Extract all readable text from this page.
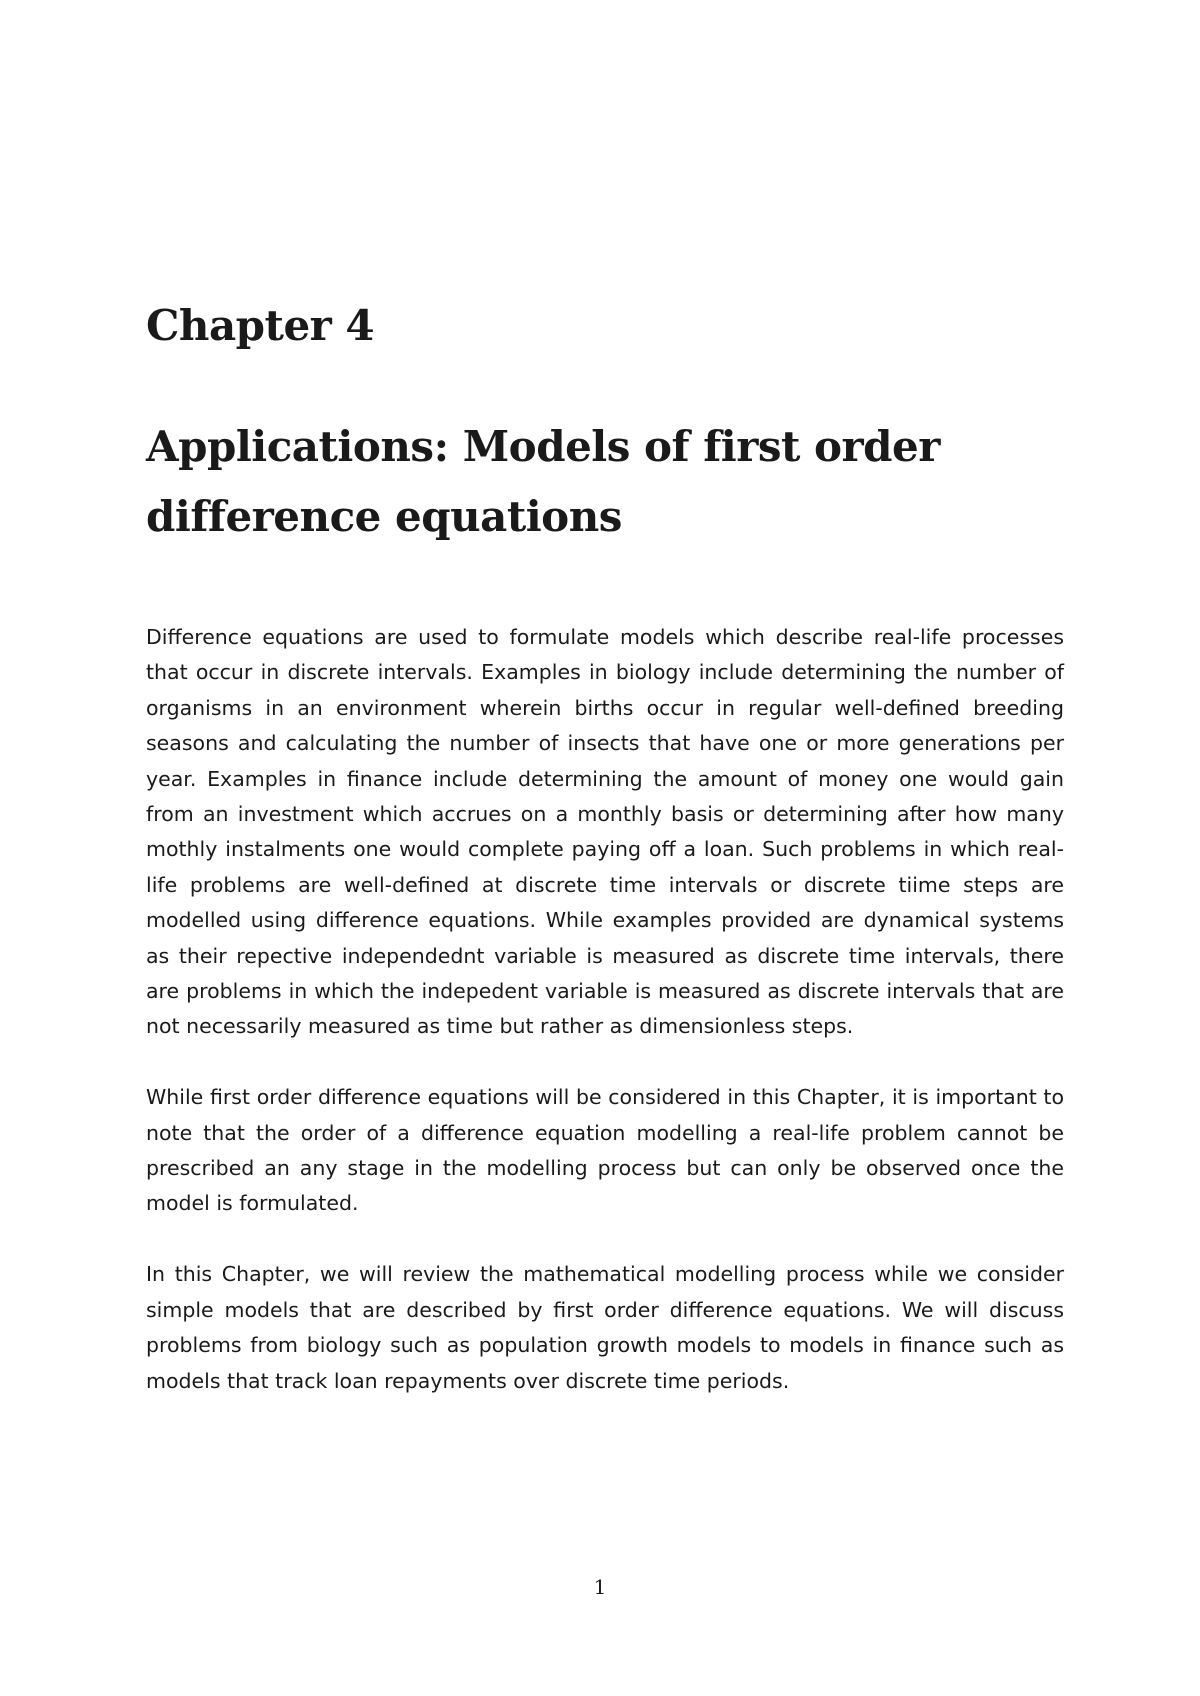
Chapter 4
Applications: Models of first order difference equations

Difference equations are used to formulate models which describe real-life processes that occur in discrete intervals. Examples in biology include determining the number of organisms in an environment wherein births occur in regular well-defined breeding seasons and calculating the number of insects that have one or more generations per year. Examples in finance include determining the amount of money one would gain from an investment which accrues on a monthly basis or determining after how many mothly instalments one would complete paying off a loan. Such problems in which real-life problems are well-defined at discrete time intervals or discrete tiime steps are modelled using difference equations. While examples provided are dynamical systems as their repective independednt variable is measured as discrete time intervals, there are problems in which the indepedent variable is measured as discrete intervals that are not necessarily measured as time but rather as dimensionless steps.

While first order difference equations will be considered in this Chapter, it is important to note that the order of a difference equation modelling a real-life problem cannot be prescribed an any stage in the modelling process but can only be observed once the model is formulated.

In this Chapter, we will review the mathematical modelling process while we consider simple models that are described by first order difference equations. We will discuss problems from biology such as population growth models to models in finance such as models that track loan repayments over discrete time periods.

1
